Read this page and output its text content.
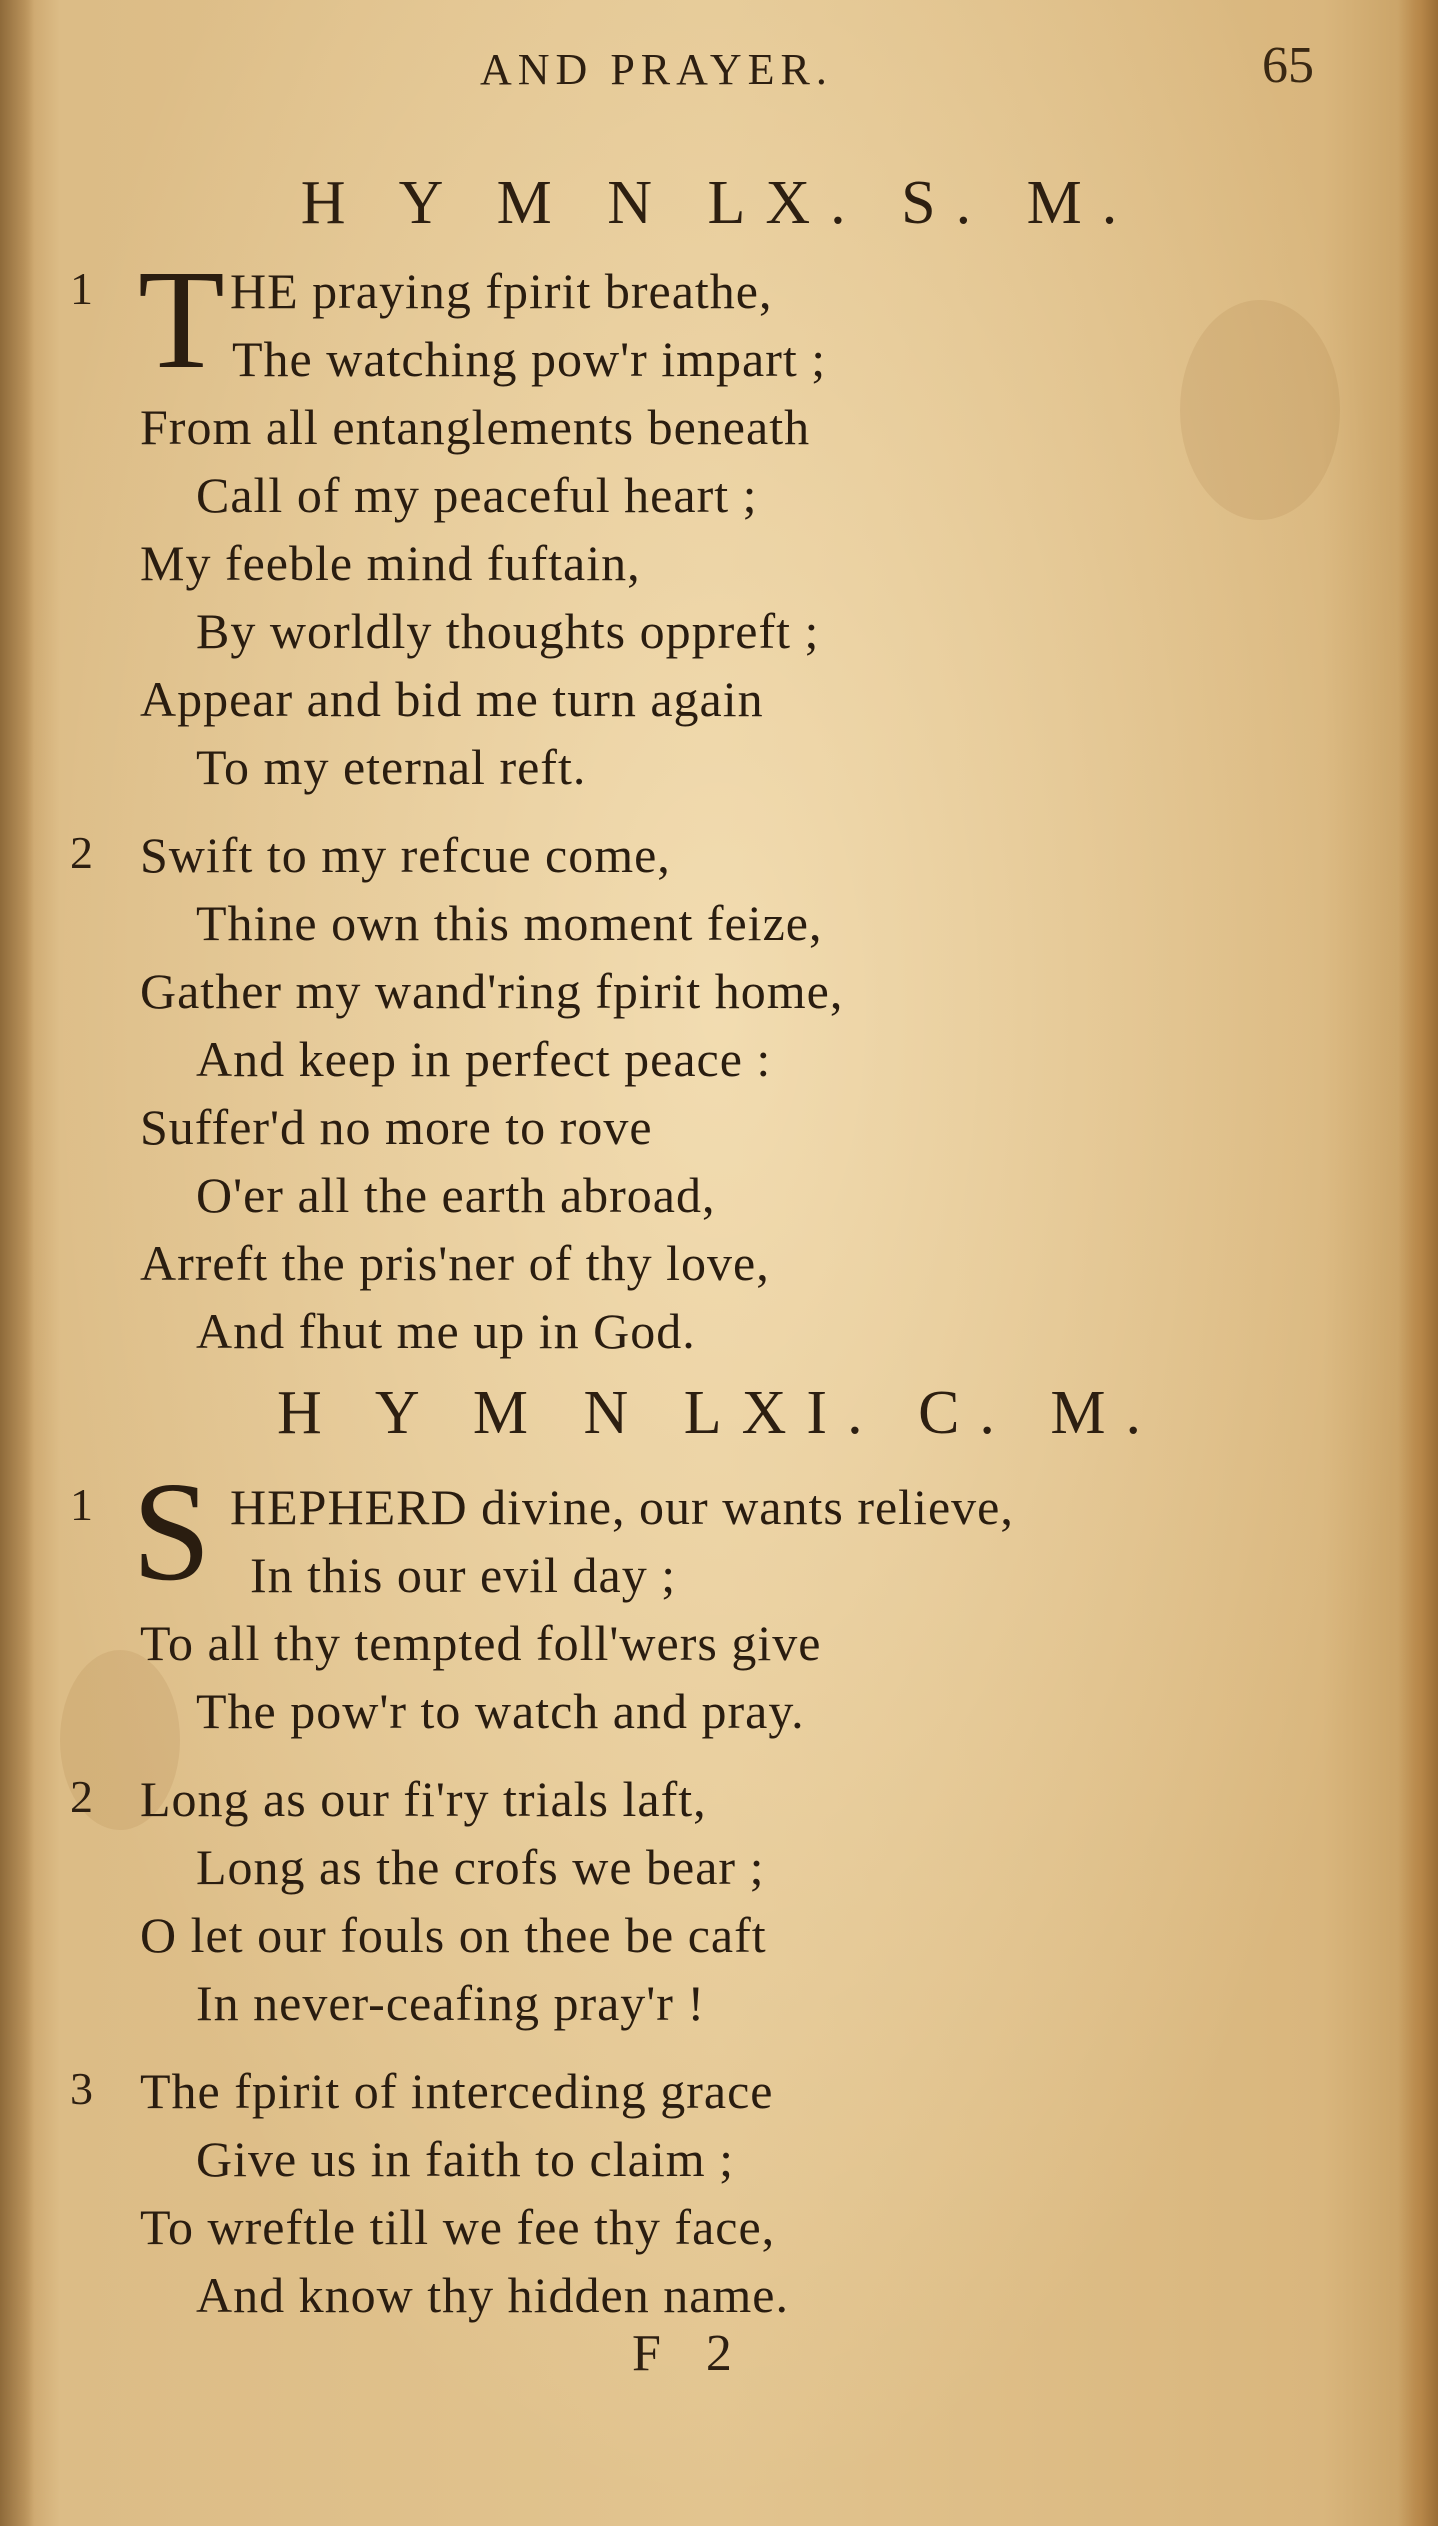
AND PRAYER.	65
H Y M N LX. S. M.
1 T HE praying fpirit breathe,
The watching pow'r impart ;
From all entanglements beneath
Call of my peaceful heart ;
My feeble mind fuftain,
By worldly thoughts oppreft ;
Appear and bid me turn again
To my eternal reft.
2 Swift to my refcue come,
Thine own this moment feize,
Gather my wand'ring fpirit home,
And keep in perfect peace :
Suffer'd no more to rove
O'er all the earth abroad,
Arreft the pris'ner of thy love,
And fhut me up in God.
H Y M N LXI. C. M.
1 S HEPHERD divine, our wants relieve,
In this our evil day ;
To all thy tempted foll'wers give
The pow'r to watch and pray.
2 Long as our fi'ry trials laft,
Long as the crofs we bear ;
O let our fouls on thee be caft
In never-ceafing pray'r !
3 The fpirit of interceding grace
Give us in faith to claim ;
To wreftle till we fee thy face,
And know thy hidden name.
F 2
